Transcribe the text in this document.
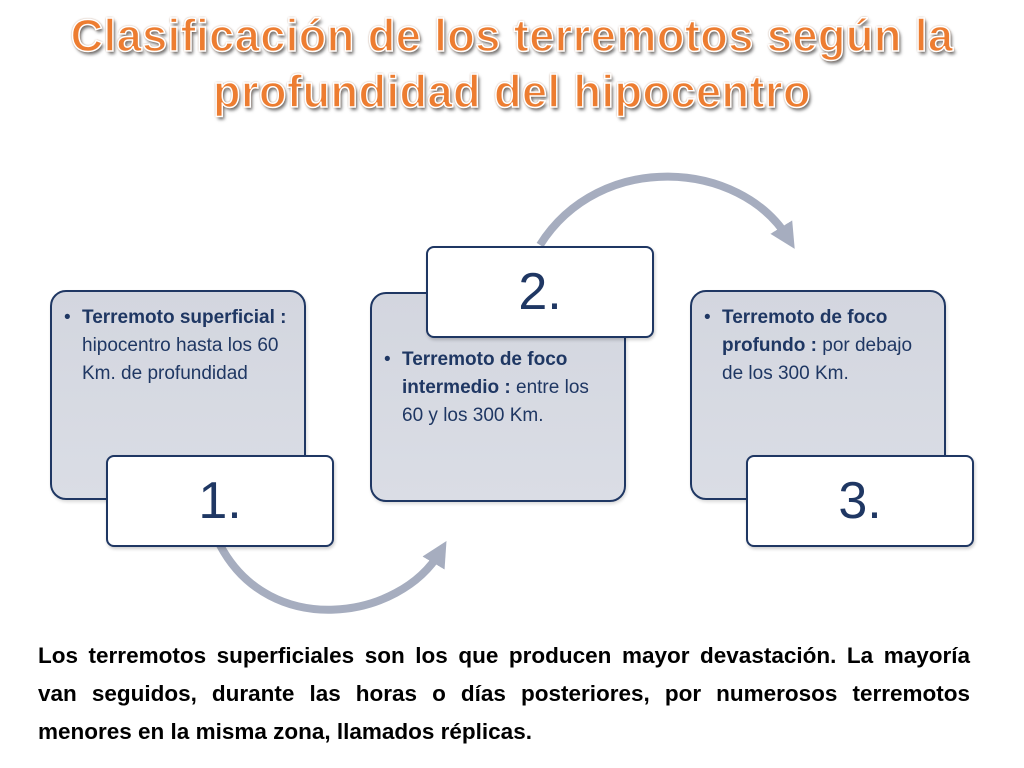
Clasificación de los terremotos según la
profundidad del hipocentro
• Terremoto superficial : hipocentro hasta los 60 Km. de profundidad
1.
• Terremoto de foco intermedio : entre los 60 y los 300 Km.
2.
•	Terremoto de foco profundo : por debajo de los 300 Km.
3.

Los terremotos superficiales son los que producen mayor devastación. La mayoría van seguidos, durante las horas o días posteriores, por numerosos terremotos menores en la misma zona, llamados réplicas.
